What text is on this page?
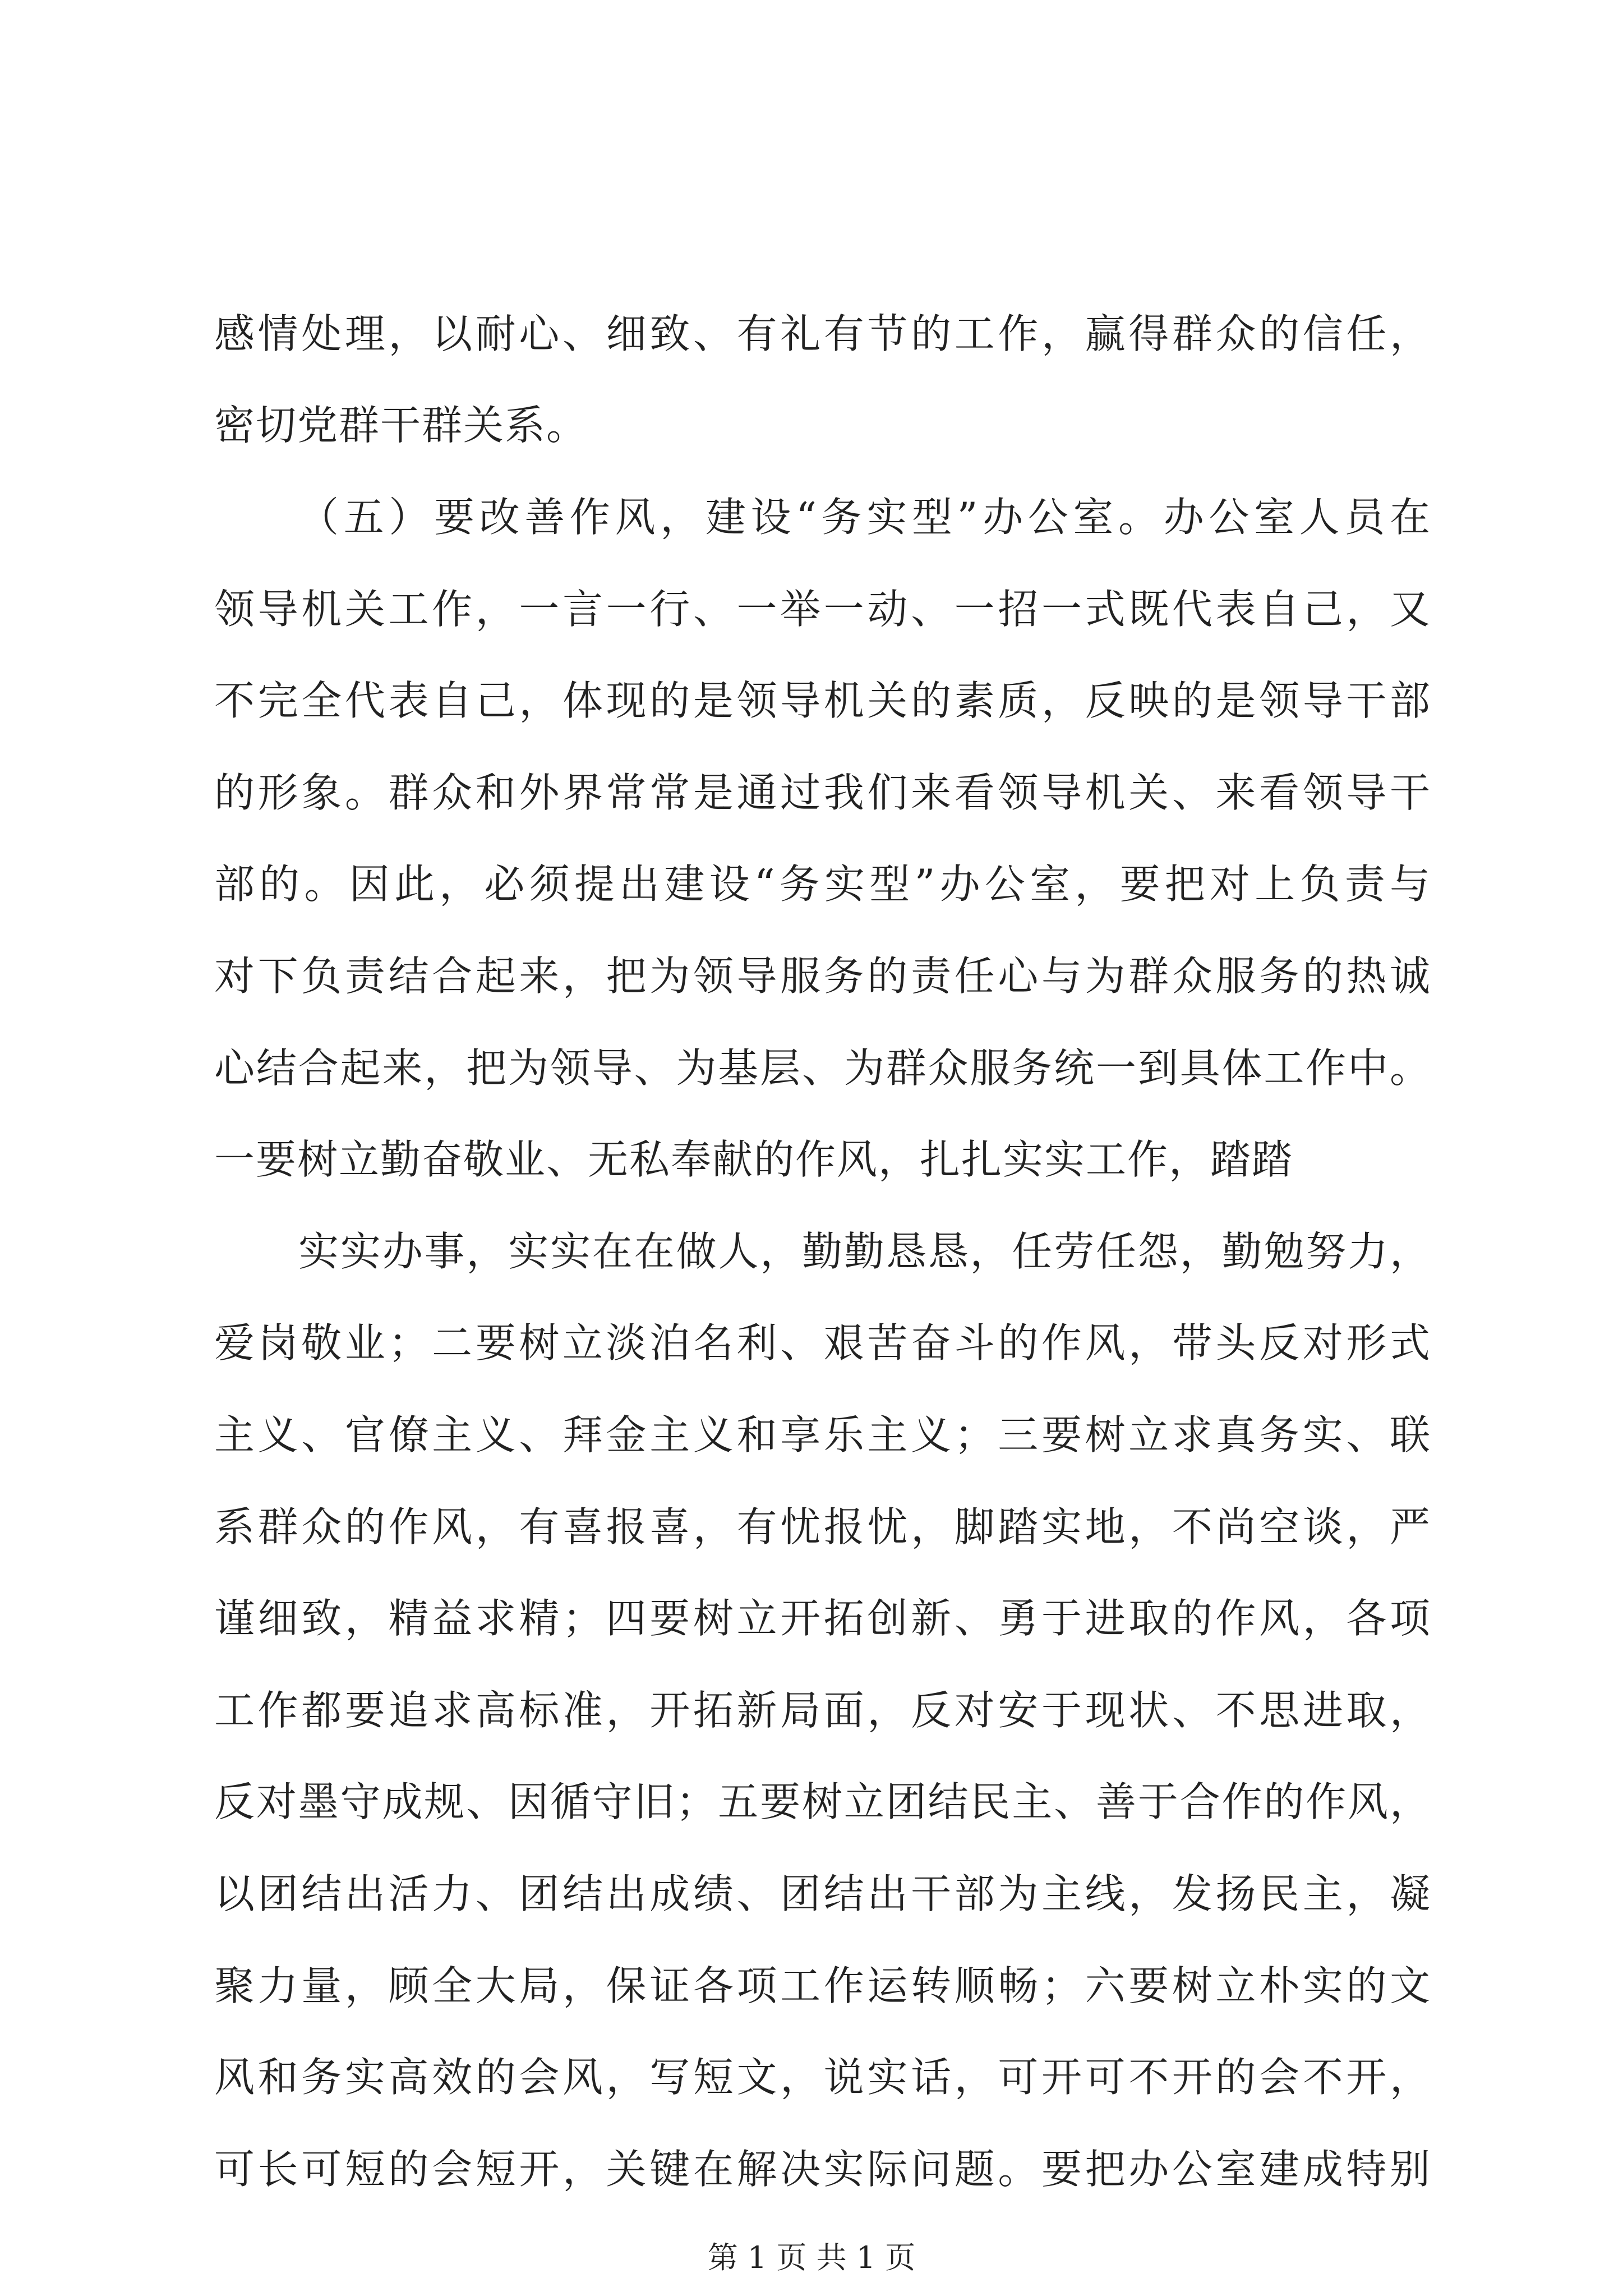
感情处理，以耐心、细致、有礼有节的工作，赢得群众的信任，
密切党群干群关系。
（五）要改善作风，建设“务实型”办公室。办公室人员在
领导机关工作，一言一行、一举一动、一招一式既代表自己，又
不完全代表自己，体现的是领导机关的素质，反映的是领导干部
的形象。群众和外界常常是通过我们来看领导机关、来看领导干
部的。因此，必须提出建设“务实型”办公室，要把对上负责与
对下负责结合起来，把为领导服务的责任心与为群众服务的热诚
心结合起来，把为领导、为基层、为群众服务统一到具体工作中。
一要树立勤奋敬业、无私奉献的作风，扎扎实实工作，踏踏
实实办事，实实在在做人，勤勤恳恳，任劳任怨，勤勉努力，
爱岗敬业；二要树立淡泊名利、艰苦奋斗的作风，带头反对形式
主义、官僚主义、拜金主义和享乐主义；三要树立求真务实、联
系群众的作风，有喜报喜，有忧报忧，脚踏实地，不尚空谈，严
谨细致，精益求精；四要树立开拓创新、勇于进取的作风，各项
工作都要追求高标准，开拓新局面，反对安于现状、不思进取，
反对墨守成规、因循守旧；五要树立团结民主、善于合作的作风，
以团结出活力、团结出成绩、团结出干部为主线，发扬民主，凝
聚力量，顾全大局，保证各项工作运转顺畅；六要树立朴实的文
风和务实高效的会风，写短文，说实话，可开可不开的会不开，
可长可短的会短开，关键在解决实际问题。要把办公室建成特别
第 1 页 共 1 页
